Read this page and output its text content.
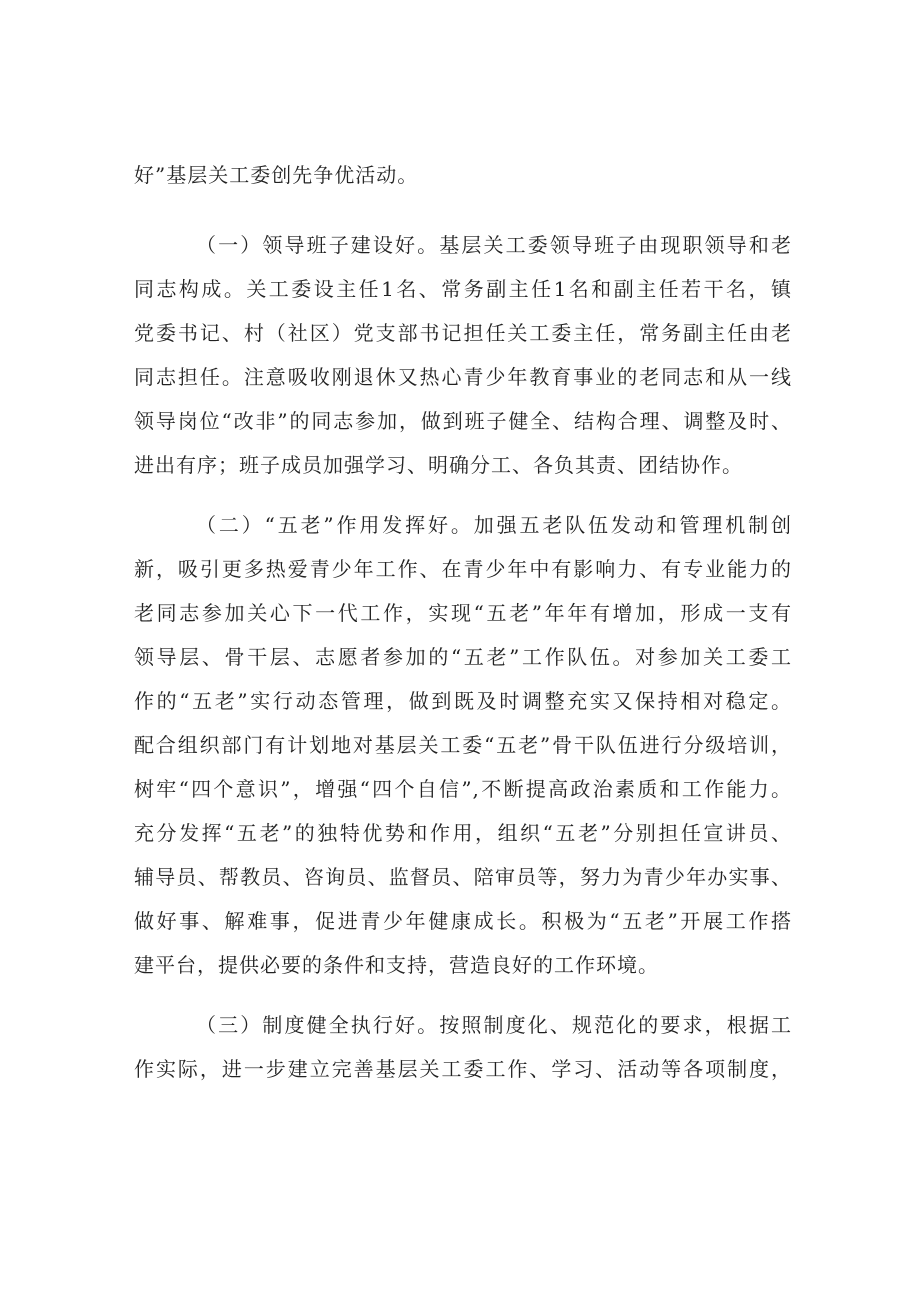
好”基层关工委创先争优活动。
（一）领导班子建设好。基层关工委领导班子由现职领导和老
同志构成。关工委设主任1名、常务副主任1名和副主任若干名，镇
党委书记、村（社区）党支部书记担任关工委主任，常务副主任由老
同志担任。注意吸收刚退休又热心青少年教育事业的老同志和从一线
领导岗位“改非”的同志参加，做到班子健全、结构合理、调整及时、
进出有序；班子成员加强学习、明确分工、各负其责、团结协作。
（二）“五老”作用发挥好。加强五老队伍发动和管理机制创
新，吸引更多热爱青少年工作、在青少年中有影响力、有专业能力的
老同志参加关心下一代工作，实现“五老”年年有增加，形成一支有
领导层、骨干层、志愿者参加的“五老”工作队伍。对参加关工委工
作的“五老”实行动态管理，做到既及时调整充实又保持相对稳定。
配合组织部门有计划地对基层关工委“五老”骨干队伍进行分级培训，
树牢“四个意识”，增强“四个自信”,不断提高政治素质和工作能力。
充分发挥“五老”的独特优势和作用，组织“五老”分别担任宣讲员、
辅导员、帮教员、咨询员、监督员、陪审员等，努力为青少年办实事、
做好事、解难事，促进青少年健康成长。积极为“五老”开展工作搭
建平台，提供必要的条件和支持，营造良好的工作环境。
（三）制度健全执行好。按照制度化、规范化的要求，根据工
作实际，进一步建立完善基层关工委工作、学习、活动等各项制度，
